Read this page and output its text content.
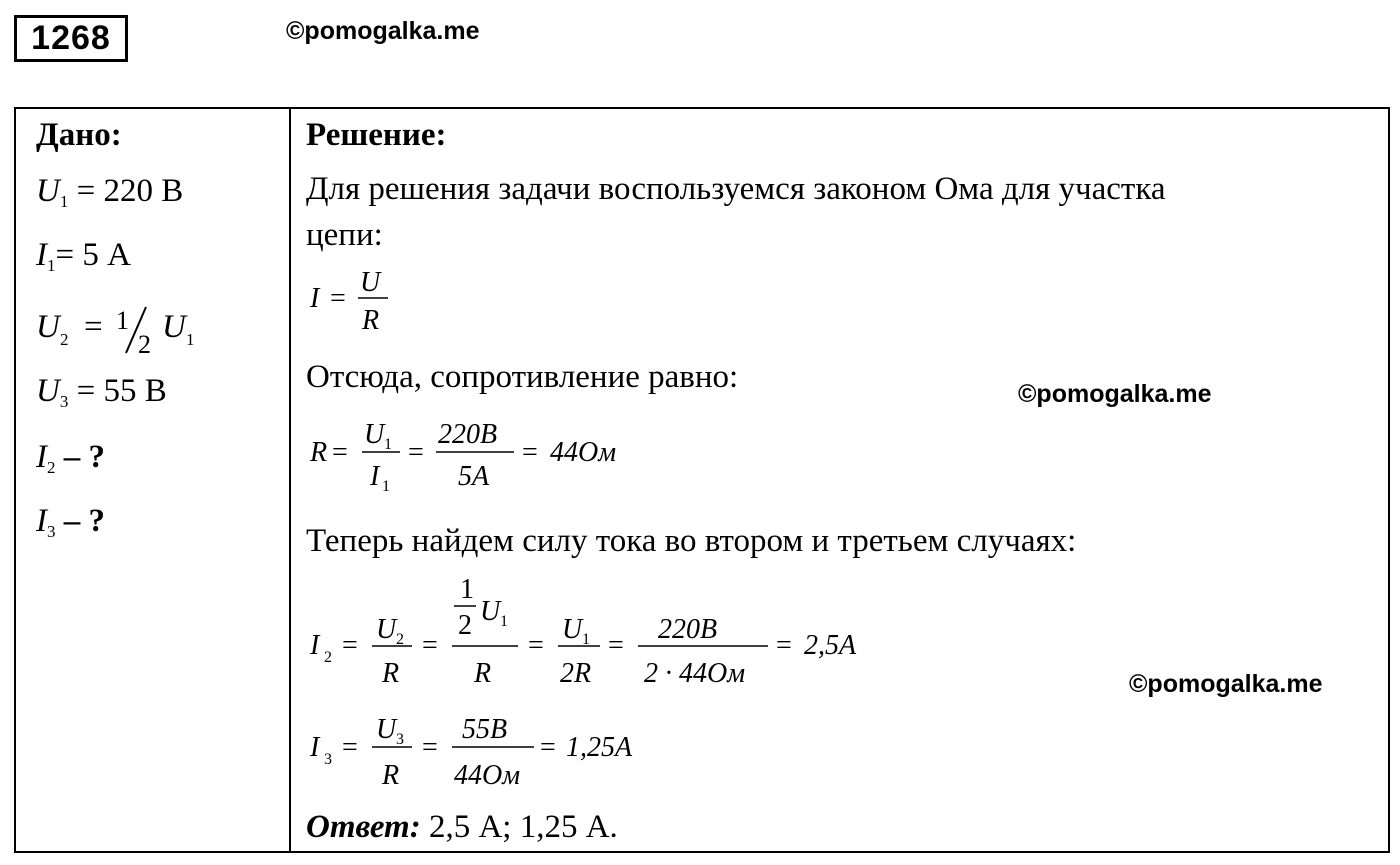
1268	©pomogalka.me
Дано:	Решение:
$U_1 = 220$ В
$I_1= 5$ А
U 2 = 1
2 U 1
$U_3 = 55$ В
$I_2$ – ?
$I_3$ – ?
Для решения задачи воспользуемся законом Ома для участка
цепи:
I =
U
R
Отсюда, сопротивление равно:
R =
U 1
I 1
=
220B
5A
= 44Ом
Теперь найдем силу тока во втором и третьем случаях:
I 2 =
U 2
R
=
1
2 U 1
R
=
U 1
2R
=
220B
2 · 44Ом
= 2,5A
I 3 =
U 3
R
=
55B
44Ом
= 1,25A
Ответ: 2,5 А; 1,25 А.
©pomogalka.me
©pomogalka.me
